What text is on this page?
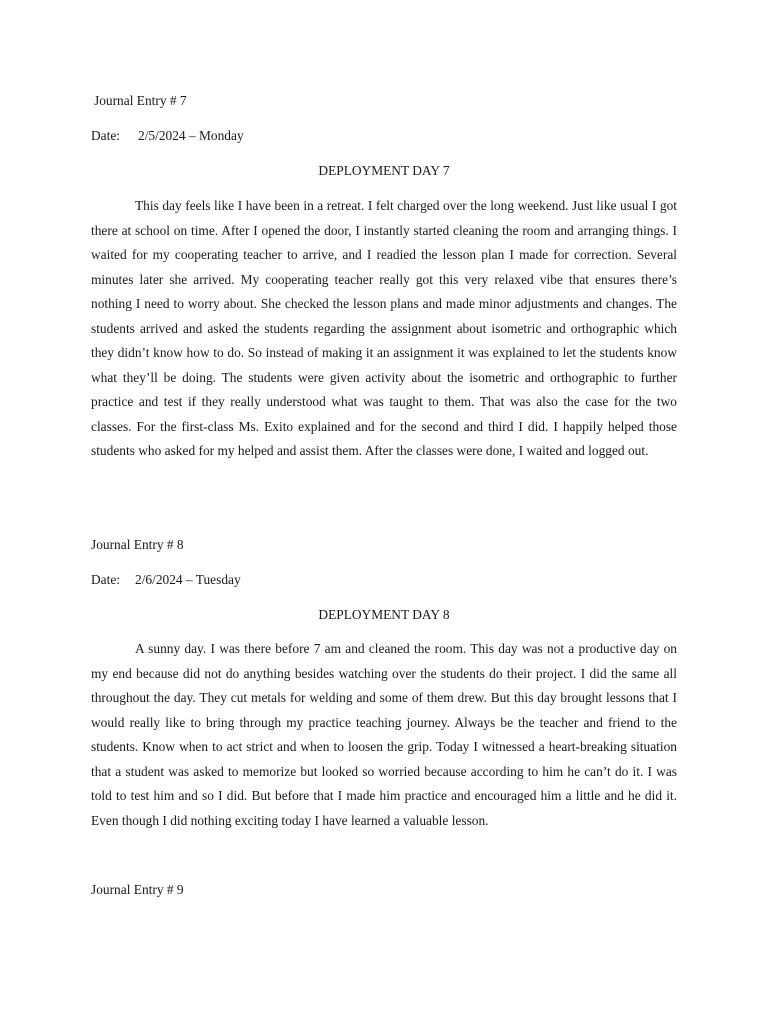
Journal Entry # 7
Date: 2/5/2024 – Monday
DEPLOYMENT DAY 7

This day feels like I have been in a retreat. I felt charged over the long weekend. Just like usual I got there at school on time. After I opened the door, I instantly started cleaning the room and arranging things. I waited for my cooperating teacher to arrive, and I readied the lesson plan I made for correction. Several minutes later she arrived. My cooperating teacher really got this very relaxed vibe that ensures there’s nothing I need to worry about. She checked the lesson plans and made minor adjustments and changes. The students arrived and asked the students regarding the assignment about isometric and orthographic which they didn’t know how to do. So instead of making it an assignment it was explained to let the students know what they’ll be doing. The students were given activity about the isometric and orthographic to further practice and test if they really understood what was taught to them. That was also the case for the two classes. For the first-class Ms. Exito explained and for the second and third I did. I happily helped those students who asked for my helped and assist them. After the classes were done, I waited and logged out.

Journal Entry # 8
Date: 2/6/2024 – Tuesday
DEPLOYMENT DAY 8

A sunny day. I was there before 7 am and cleaned the room. This day was not a productive day on my end because did not do anything besides watching over the students do their project. I did the same all throughout the day. They cut metals for welding and some of them drew. But this day brought lessons that I would really like to bring through my practice teaching journey. Always be the teacher and friend to the students. Know when to act strict and when to loosen the grip. Today I witnessed a heart-breaking situation that a student was asked to memorize but looked so worried because according to him he can’t do it. I was told to test him and so I did. But before that I made him practice and encouraged him a little and he did it. Even though I did nothing exciting today I have learned a valuable lesson.

Journal Entry # 9
